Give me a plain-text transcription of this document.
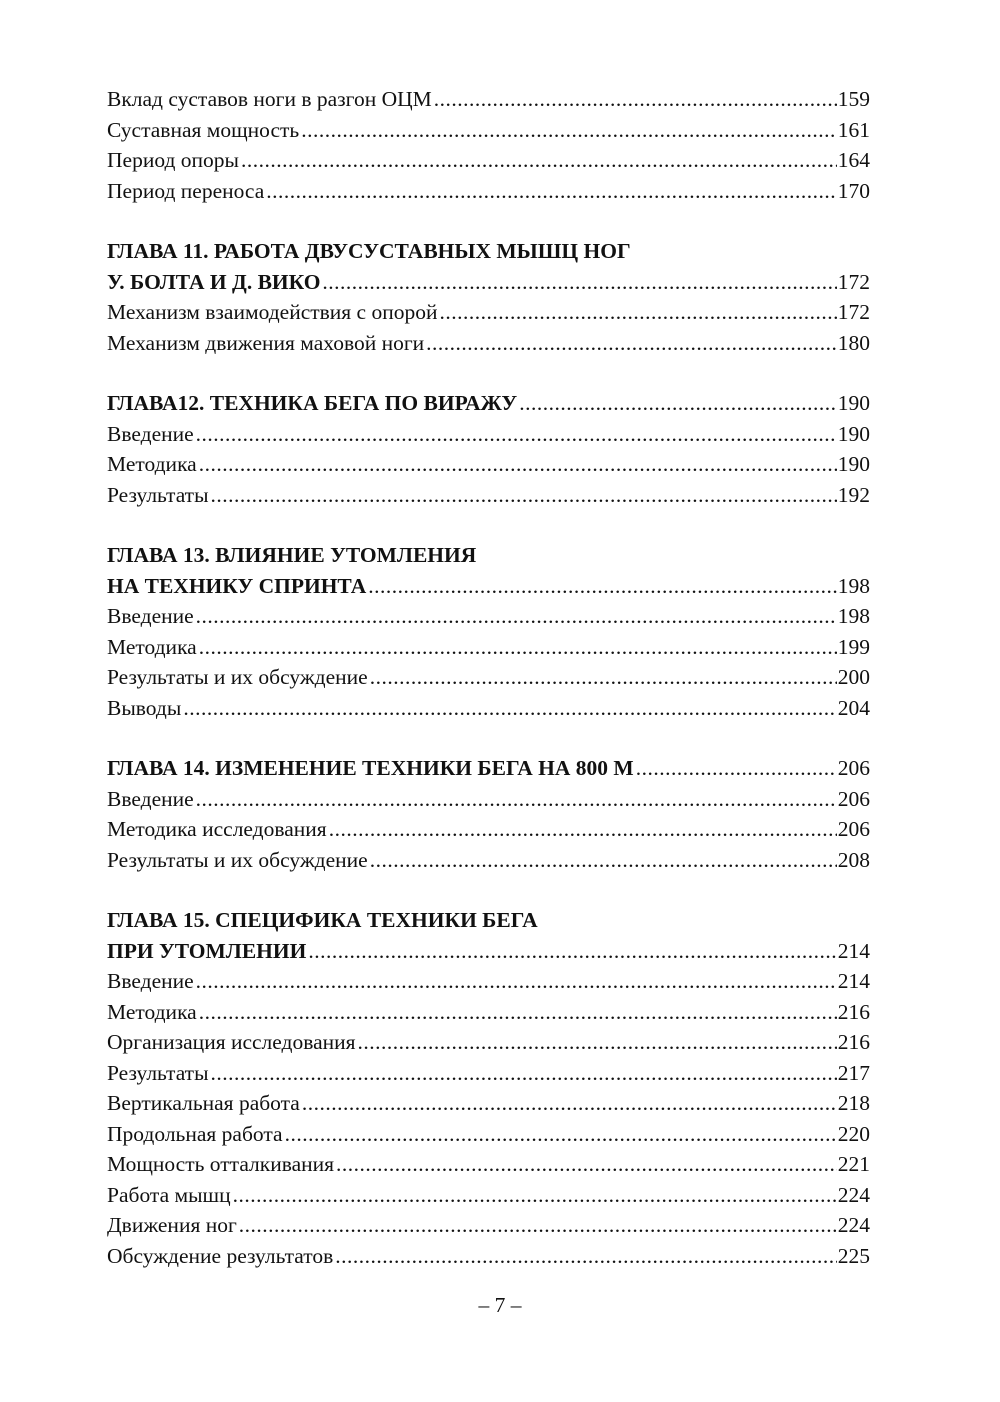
Вклад суставов ноги в разгон ОЦМ .....	159
Суставная мощность .....	161
Период опоры .....	164
Период переноса .....	170
ГЛАВА 11. РАБОТА ДВУСУСТАВНЫХ МЫШЦ НОГ
У. БОЛТА И Д. ВИКО .....	172
Механизм взаимодействия с опорой .....	172
Механизм движения маховой ноги .....	180
ГЛАВА12. ТЕХНИКА БЕГА ПО ВИРАЖУ .....	190
Введение .....	190
Методика .....	190
Результаты .....	192
ГЛАВА 13. ВЛИЯНИЕ УТОМЛЕНИЯ
НА ТЕХНИКУ СПРИНТА .....	198
Введение .....	198
Методика .....	199
Результаты и их обсуждение .....	200
Выводы .....	204
ГЛАВА 14. ИЗМЕНЕНИЕ ТЕХНИКИ БЕГА НА 800 М .....	206
Введение .....	206
Методика исследования .....	206
Результаты и их обсуждение .....	208
ГЛАВА 15. СПЕЦИФИКА ТЕХНИКИ БЕГА
ПРИ УТОМЛЕНИИ .....	214
Введение .....	214
Методика .....	216
Организация исследования .....	216
Результаты .....	217
Вертикальная работа .....	218
Продольная работа .....	220
Мощность отталкивания .....	221
Работа мышц .....	224
Движения ног .....	224
Обсуждение результатов .....	225
– 7 –
